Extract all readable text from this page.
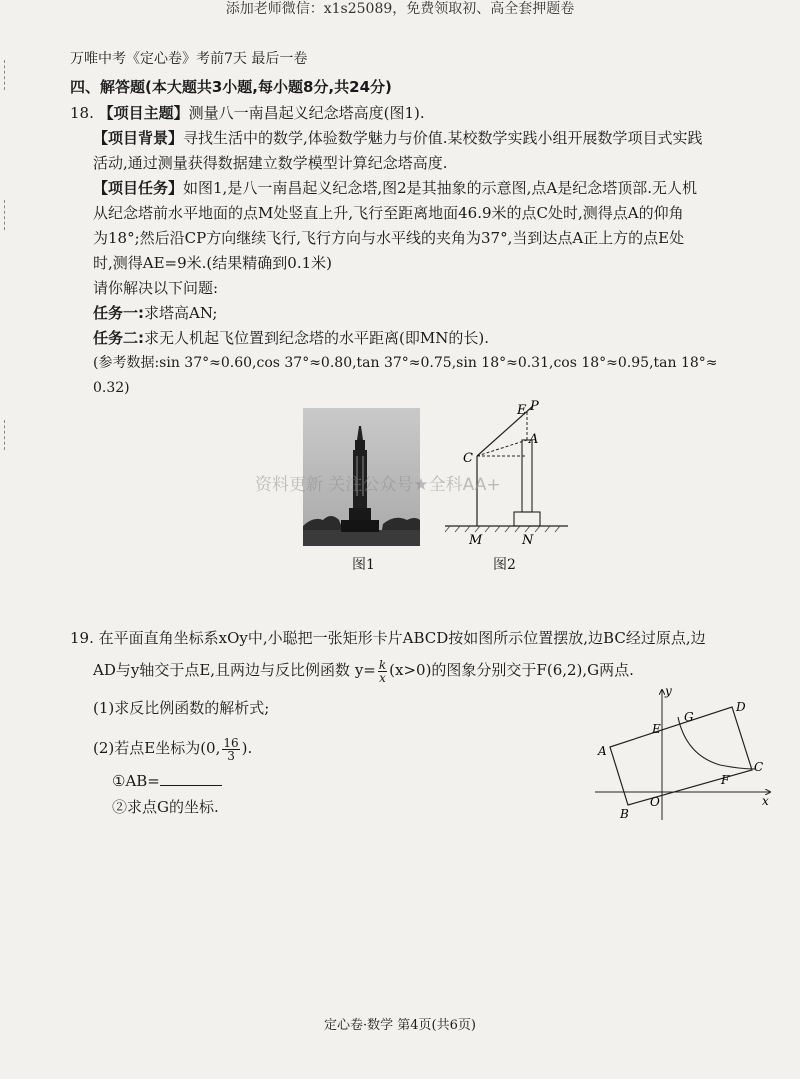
添加老师微信：x1s25089，免费领取初、高全套押题卷
万唯中考《定心卷》考前7天 最后一卷
四、解答题(本大题共3小题,每小题8分,共24分)
18. 【项目主题】测量八一南昌起义纪念塔高度(图1).
【项目背景】寻找生活中的数学,体验数学魅力与价值.某校数学实践小组开展数学项目式实践
活动,通过测量获得数据建立数学模型计算纪念塔高度.
【项目任务】如图1,是八一南昌起义纪念塔,图2是其抽象的示意图,点A是纪念塔顶部.无人机
从纪念塔前水平地面的点M处竖直上升,飞行至距离地面46.9米的点C处时,测得点A的仰角
为18°;然后沿CP方向继续飞行,飞行方向与水平线的夹角为37°,当到达点A正上方的点E处
时,测得AE=9米.(结果精确到0.1米)
请你解决以下问题:
任务一:求塔高AN;
任务二:求无人机起飞位置到纪念塔的水平距离(即MN的长).
(参考数据:sin 37°≈0.60,cos 37°≈0.80,tan 37°≈0.75,sin 18°≈0.31,cos 18°≈0.95,tan 18°≈
0.32)
图1
E P
A
C
M	N
图2
资料更新 关注公众号★全科AA+
19. 在平面直角坐标系xOy中,小聪把一张矩形卡片ABCD按如图所示位置摆放,边BC经过原点,边
AD与y轴交于点E,且两边与反比例函数 $y= \frac{k}{x} (x>0)$的图象分别交于F(6,2),G两点.
(1)求反比例函数的解析式;
(2)若点E坐标为(0, $\frac{16}{3}$ ).
①AB=
②求点G的坐标.
y
x
O
A
B
C
D
E
F
G
定心卷·数学 第4页(共6页)
